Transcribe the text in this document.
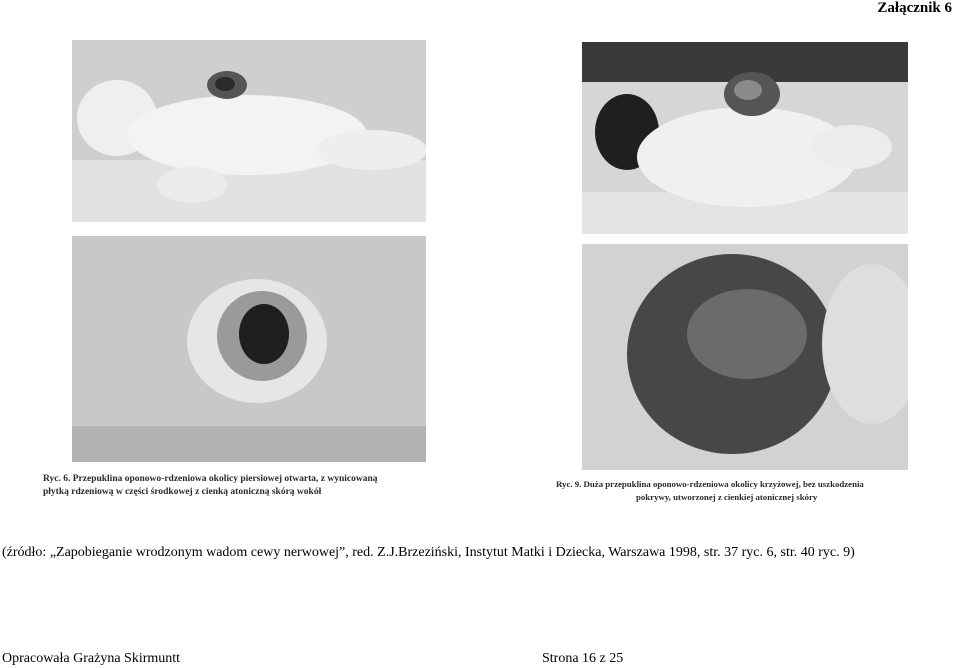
Załącznik 6
Ryc. 6. Przepuklina oponowo-rdzeniowa okolicy piersiowej otwarta, z wynicowaną
płytką rdzeniową w części środkowej z cienką atoniczną skórą wokół
Ryc. 9. Duża przepuklina oponowo-rdzeniowa okolicy krzyżowej, bez uszkodzenia
pokrywy, utworzonej z cienkiej atonicznej skóry
(źródło: „Zapobieganie wrodzonym wadom cewy nerwowej”, red. Z.J.Brzeziński, Instytut Matki i Dziecka, Warszawa 1998, str. 37 ryc. 6, str. 40 ryc. 9)
Opracowała Grażyna Skirmuntt	Strona 16 z 25
